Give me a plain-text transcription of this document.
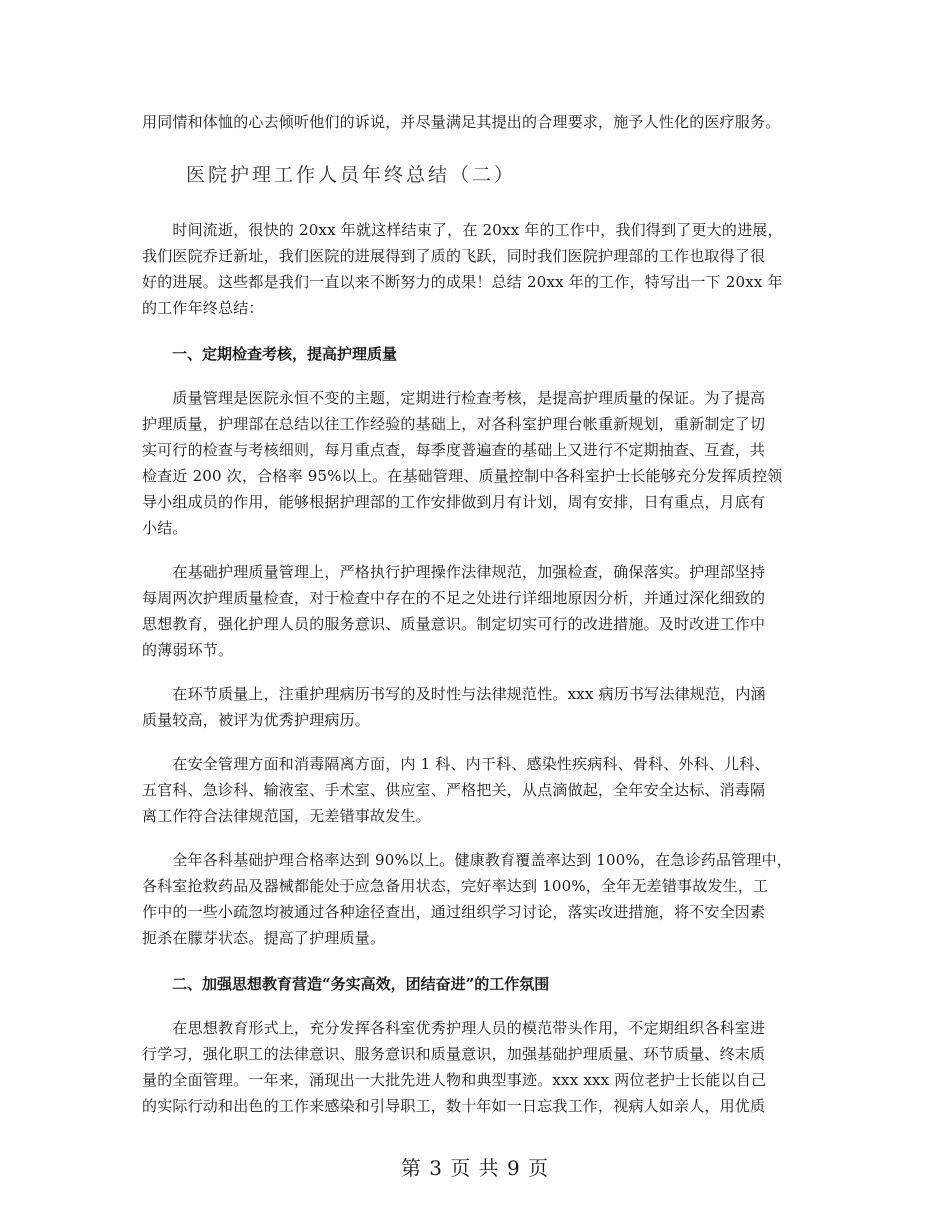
用同情和体恤的心去倾听他们的诉说，并尽量满足其提出的合理要求，施予人性化的医疗服务。
医院护理工作人员年终总结（二）
　　时间流逝，很快的 20xx 年就这样结束了，在 20xx 年的工作中，我们得到了更大的进展，
我们医院乔迁新址，我们医院的进展得到了质的飞跃，同时我们医院护理部的工作也取得了很
好的进展。这些都是我们一直以来不断努力的成果！总结 20xx 年的工作，特写出一下 20xx 年
的工作年终总结：
一、定期检查考核，提高护理质量
　　质量管理是医院永恒不变的主题，定期进行检查考核，是提高护理质量的保证。为了提高
护理质量，护理部在总结以往工作经验的基础上，对各科室护理台帐重新规划，重新制定了切
实可行的检查与考核细则，每月重点查，每季度普遍查的基础上又进行不定期抽查、互查，共
检查近 200 次，合格率 95%以上。在基础管理、质量控制中各科室护士长能够充分发挥质控领
导小组成员的作用，能够根据护理部的工作安排做到月有计划，周有安排，日有重点，月底有
小结。
　　在基础护理质量管理上，严格执行护理操作法律规范，加强检查，确保落实。护理部坚持
每周两次护理质量检查，对于检查中存在的不足之处进行详细地原因分析，并通过深化细致的
思想教育，强化护理人员的服务意识、质量意识。制定切实可行的改进措施。及时改进工作中
的薄弱环节。
　　在环节质量上，注重护理病历书写的及时性与法律规范性。xxx 病历书写法律规范，内涵
质量较高，被评为优秀护理病历。
　　在安全管理方面和消毒隔离方面，内 1 科、内干科、感染性疾病科、骨科、外科、儿科、
五官科、急诊科、输液室、手术室、供应室、严格把关，从点滴做起，全年安全达标、消毒隔
离工作符合法律规范国，无差错事故发生。
　　全年各科基础护理合格率达到 90%以上。健康教育覆盖率达到 100%，在急诊药品管理中，
各科室抢救药品及器械都能处于应急备用状态，完好率达到 100%，全年无差错事故发生，工
作中的一些小疏忽均被通过各种途径查出，通过组织学习讨论，落实改进措施，将不安全因素
扼杀在朦芽状态。提高了护理质量。
二、加强思想教育营造“务实高效，团结奋进”的工作氛围
　　在思想教育形式上，充分发挥各科室优秀护理人员的模范带头作用，不定期组织各科室进
行学习，强化职工的法律意识、服务意识和质量意识，加强基础护理质量、环节质量、终末质
量的全面管理。一年来，涌现出一大批先进人物和典型事迹。xxx xxx 两位老护士长能以自己
的实际行动和出色的工作来感染和引导职工，数十年如一日忘我工作，视病人如亲人，用优质
第 3 页 共 9 页
